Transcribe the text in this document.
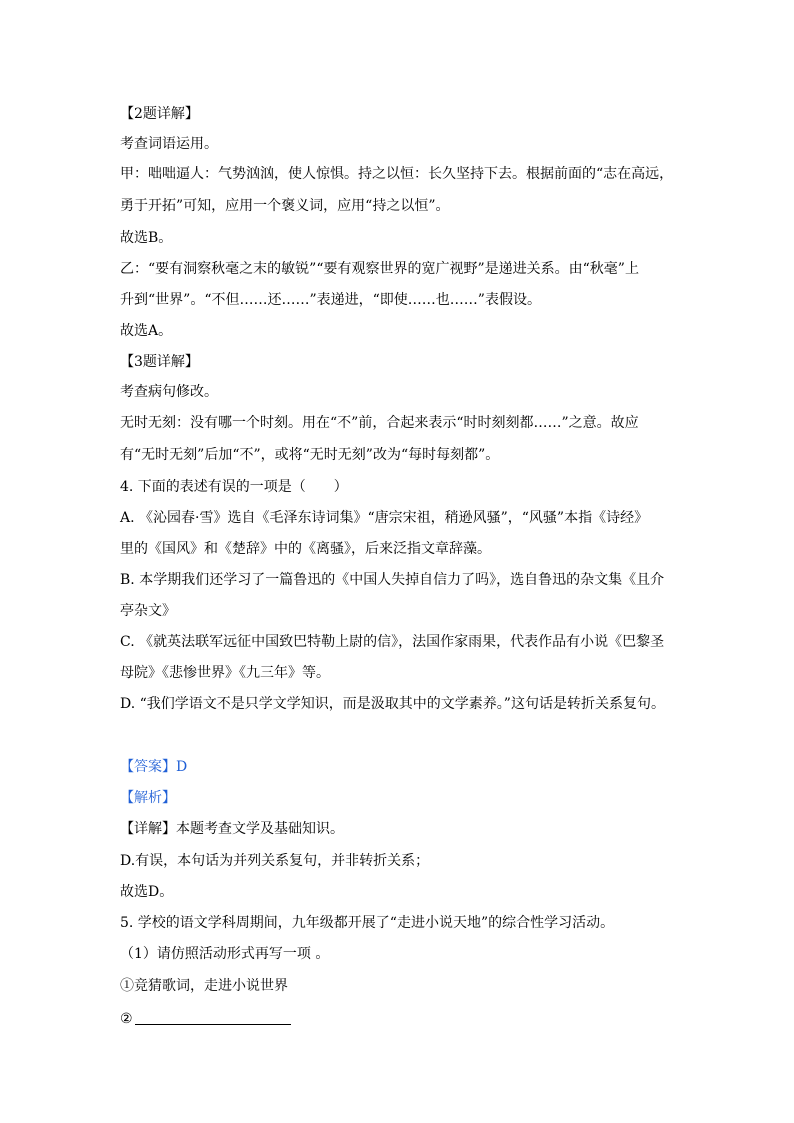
【2题详解】
考查词语运用。
甲：咄咄逼人：气势汹汹，使人惊惧。持之以恒：长久坚持下去。根据前面的“志在高远，
勇于开拓”可知，应用一个褒义词，应用“持之以恒”。
故选B。
乙：“要有洞察秋毫之末的敏锐”“要有观察世界的宽广视野”是递进关系。由“秋毫”上
升到“世界”。“不但……还……”表递进，“即使……也……”表假设。
故选A。
【3题详解】
考查病句修改。
无时无刻：没有哪一个时刻。用在“不”前，合起来表示“时时刻刻都……”之意。故应
有“无时无刻”后加“不”，或将“无时无刻”改为“每时每刻都”。
4. 下面的表述有误的一项是（　　）
A. 《沁园春·雪》选自《毛泽东诗词集》“唐宗宋祖，稍逊风骚”，“风骚”本指《诗经》
里的《国风》和《楚辞》中的《离骚》，后来泛指文章辞藻。
B. 本学期我们还学习了一篇鲁迅的《中国人失掉自信力了吗》，选自鲁迅的杂文集《且介
亭杂文》
C. 《就英法联军远征中国致巴特勒上尉的信》，法国作家雨果，代表作品有小说《巴黎圣
母院》《悲惨世界》《九三年》等。
D. “我们学语文不是只学文学知识，而是汲取其中的文学素养。”这句话是转折关系复句。
【答案】D
【解析】
【详解】本题考查文学及基础知识。
D.有误，本句话为并列关系复句，并非转折关系；
故选D。
5. 学校的语文学科周期间，九年级都开展了“走进小说天地”的综合性学习活动。
（1）请仿照活动形式再写一项 。
①竞猜歌词，走进小说世界
②
